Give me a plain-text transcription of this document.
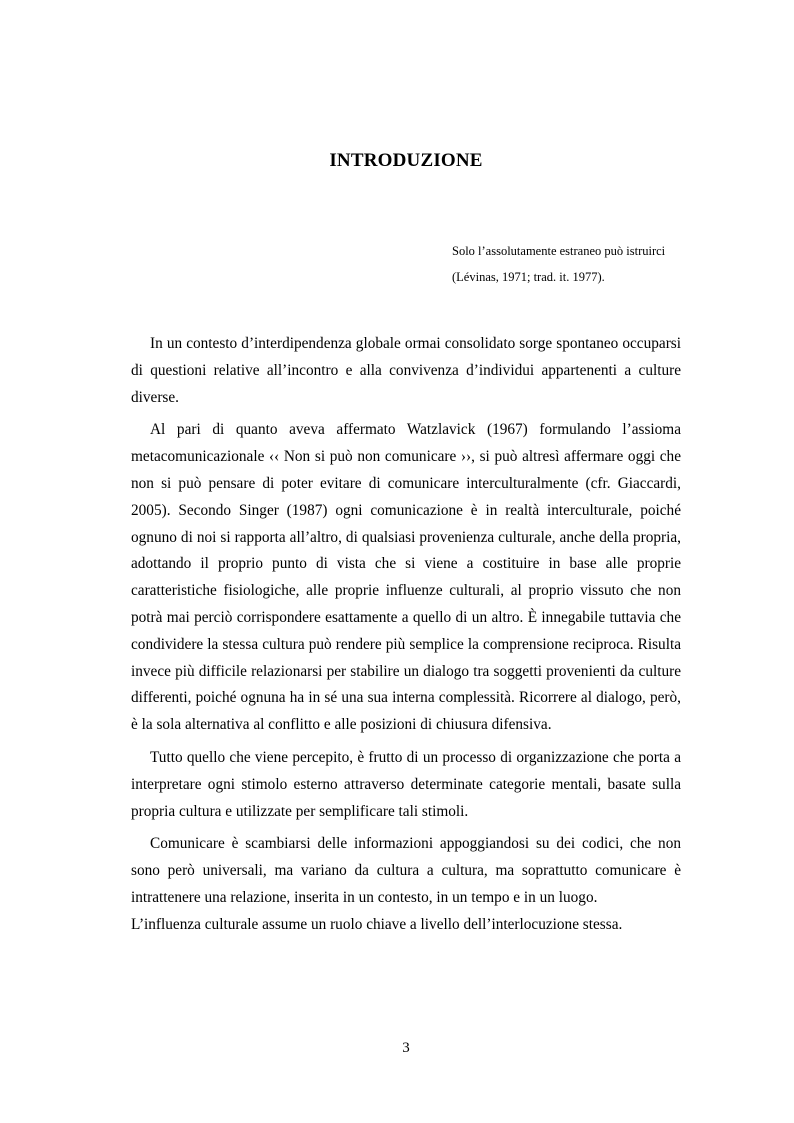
INTRODUZIONE
Solo l’assolutamente estraneo può istruirci
(Lévinas, 1971; trad. it. 1977).

In un contesto d’interdipendenza globale ormai consolidato sorge spontaneo occuparsi di questioni relative all’incontro e alla convivenza d’individui appartenenti a culture diverse.

Al pari di quanto aveva affermato Watzlavick (1967) formulando l’assioma metacomunicazionale ‹‹ Non si può non comunicare ››, si può altresì affermare oggi che non si può pensare di poter evitare di comunicare interculturalmente (cfr. Giaccardi, 2005). Secondo Singer (1987) ogni comunicazione è in realtà interculturale, poiché ognuno di noi si rapporta all’altro, di qualsiasi provenienza culturale, anche della propria, adottando il proprio punto di vista che si viene a costituire in base alle proprie caratteristiche fisiologiche, alle proprie influenze culturali, al proprio vissuto che non potrà mai perciò corrispondere esattamente a quello di un altro. È innegabile tuttavia che condividere la stessa cultura può rendere più semplice la comprensione reciproca. Risulta invece più difficile relazionarsi per stabilire un dialogo tra soggetti provenienti da culture differenti, poiché ognuna ha in sé una sua interna complessità. Ricorrere al dialogo, però, è la sola alternativa al conflitto e alle posizioni di chiusura difensiva.

Tutto quello che viene percepito, è frutto di un processo di organizzazione che porta a interpretare ogni stimolo esterno attraverso determinate categorie mentali, basate sulla propria cultura e utilizzate per semplificare tali stimoli.

Comunicare è scambiarsi delle informazioni appoggiandosi su dei codici, che non sono però universali, ma variano da cultura a cultura, ma soprattutto comunicare è intrattenere una relazione, inserita in un contesto, in un tempo e in un luogo.

L’influenza culturale assume un ruolo chiave a livello dell’interlocuzione stessa.

3
